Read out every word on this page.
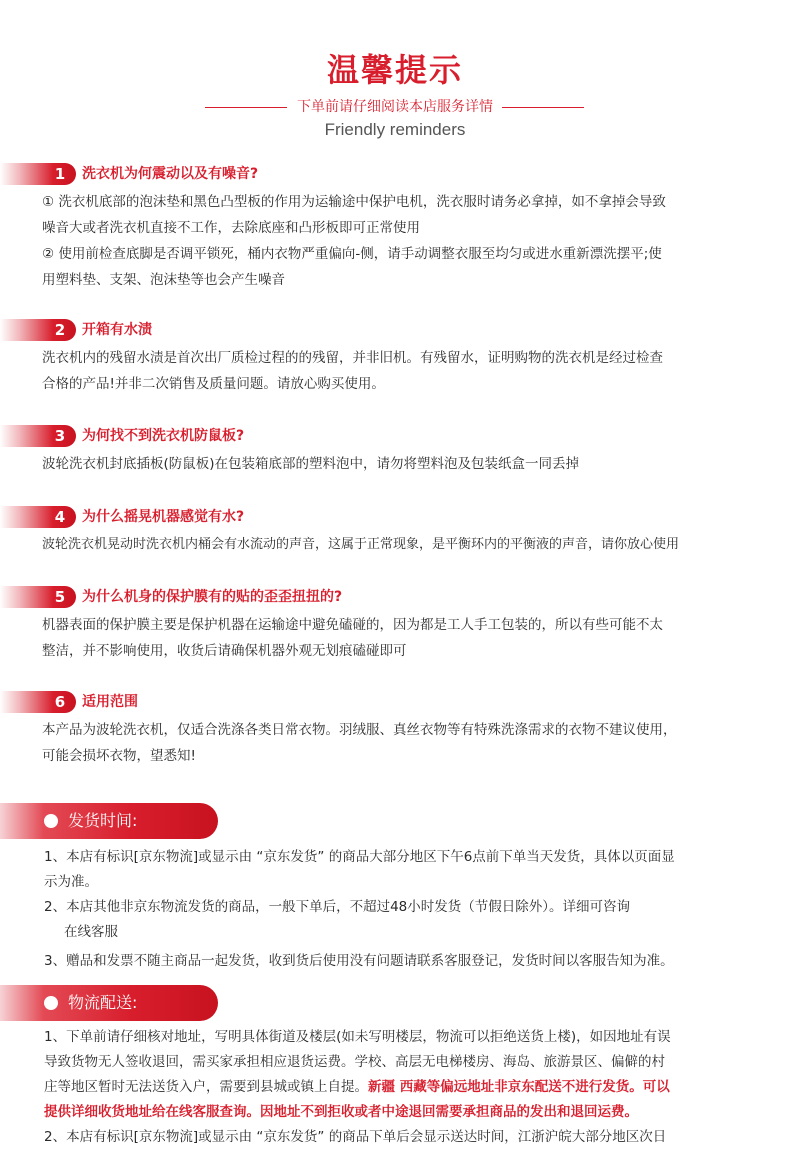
温馨提示
下单前请仔细阅读本店服务详情
Friendly reminders
1	洗衣机为何震动以及有噪音?
① 洗衣机底部的泡沫垫和黑色凸型板的作用为运输途中保护电机，洗衣服时请务必拿掉，如不拿掉会导致
噪音大或者洗衣机直接不工作，去除底座和凸形板即可正常使用
② 使用前检查底脚是否调平锁死，桶内衣物严重偏向-侧，请手动调整衣服至均匀或进水重新漂洗摆平;使
用塑料垫、支架、泡沫垫等也会产生噪音
2	开箱有水渍
洗衣机内的残留水渍是首次出厂质检过程的的残留，并非旧机。有残留水，证明购物的洗衣机是经过检查
合格的产品!并非二次销售及质量问题。请放心购买使用。
3	为何找不到洗衣机防鼠板?
波轮洗衣机封底插板(防鼠板)在包装箱底部的塑料泡中，请勿将塑料泡及包装纸盒一同丢掉
4	为什么摇晃机器感觉有水?
波轮洗衣机晃动时洗衣机内桶会有水流动的声音，这属于正常现象，是平衡环内的平衡液的声音，请你放心使用
5	为什么机身的保护膜有的贴的歪歪扭扭的?
机器表面的保护膜主要是保护机器在运输途中避免磕碰的，因为都是工人手工包装的，所以有些可能不太
整洁，并不影响使用，收货后请确保机器外观无划痕磕碰即可
6	适用范围
本产品为波轮洗衣机，仅适合洗涤各类日常衣物。羽绒服、真丝衣物等有特殊洗涤需求的衣物不建议使用，
可能会损坏衣物，望悉知!
发货时间:

1、本店有标识[京东物流]或显示由 “京东发货” 的商品大部分地区下午6点前下单当天发货，具体以页面显

示为准。

2、本店其他非京东物流发货的商品，一般下单后，不超过48小时发货（节假日除外）。详细可咨询

在线客服

3、赠品和发票不随主商品一起发货，收到货后使用没有问题请联系客服登记，发货时间以客服告知为准。

物流配送:

1、下单前请仔细核对地址，写明具体街道及楼层(如未写明楼层，物流可以拒绝送货上楼)，如因地址有误

导致货物无人签收退回，需买家承担相应退货运费。学校、高层无电梯楼房、海岛、旅游景区、偏僻的村

庄等地区暂时无法送货入户，需要到县城或镇上自提。新疆 西藏等偏远地址非京东配送不进行发货。可以

提供详细收货地址给在线客服查询。因地址不到拒收或者中途退回需要承担商品的发出和退回运费。

2、本店有标识[京东物流]或显示由 “京东发货” 的商品下单后会显示送达时间，江浙沪皖大部分地区次日
